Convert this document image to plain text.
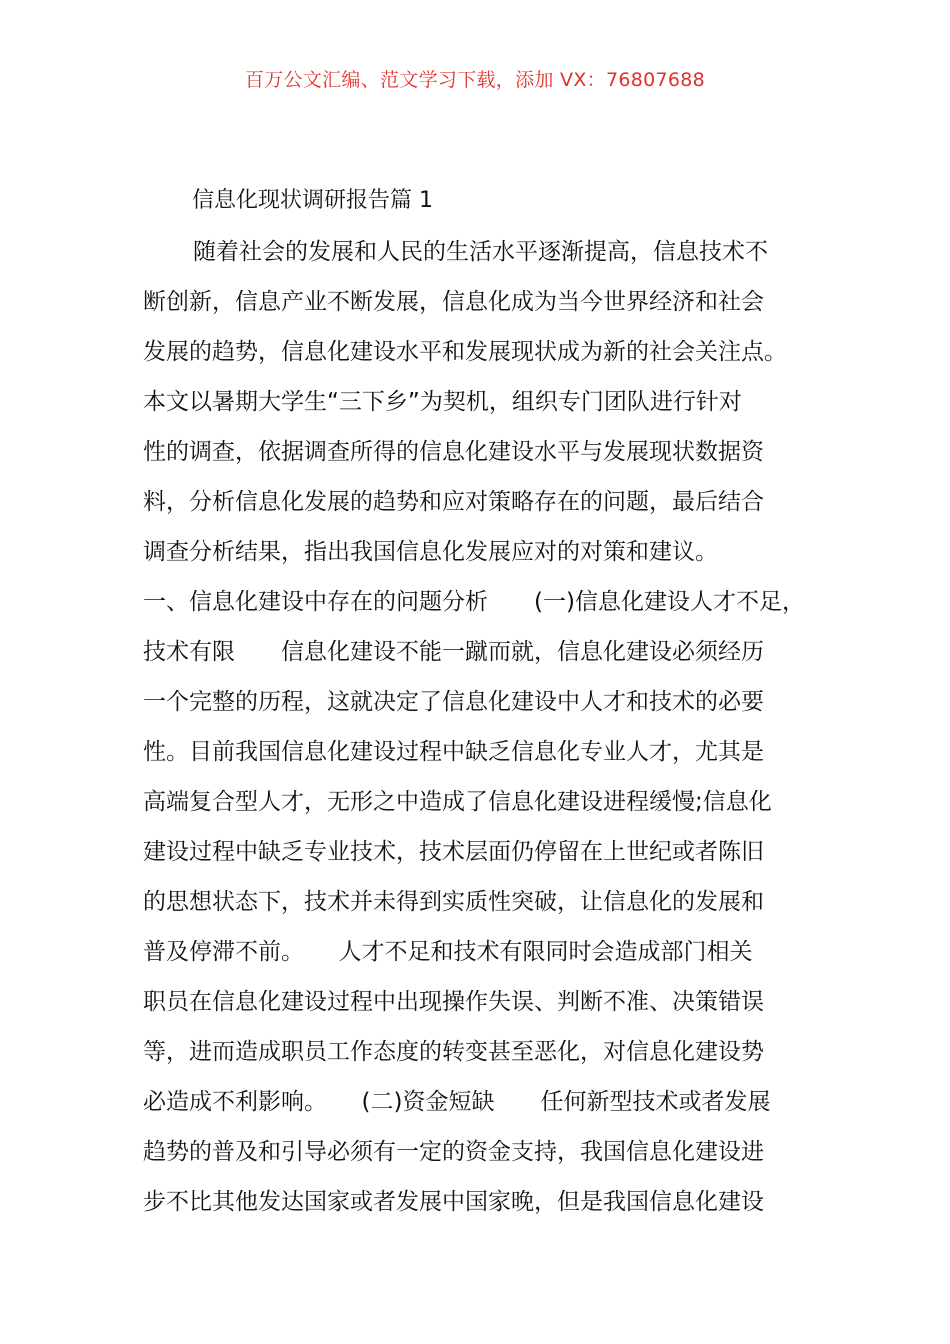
百万公文汇编、范文学习下载，添加 VX：76807688
信息化现状调研报告篇 1
随着社会的发展和人民的生活水平逐渐提高，信息技术不
断创新，信息产业不断发展，信息化成为当今世界经济和社会
发展的趋势，信息化建设水平和发展现状成为新的社会关注点。
本文以暑期大学生“三下乡”为契机，组织专门团队进行针对
性的调查，依据调查所得的信息化建设水平与发展现状数据资
料，分析信息化发展的趋势和应对策略存在的问题，最后结合
调查分析结果，指出我国信息化发展应对的对策和建议。
一、信息化建设中存在的问题分析　　(一)信息化建设人才不足，
技术有限　　信息化建设不能一蹴而就，信息化建设必须经历
一个完整的历程，这就决定了信息化建设中人才和技术的必要
性。目前我国信息化建设过程中缺乏信息化专业人才，尤其是
高端复合型人才，无形之中造成了信息化建设进程缓慢;信息化
建设过程中缺乏专业技术，技术层面仍停留在上世纪或者陈旧
的思想状态下，技术并未得到实质性突破，让信息化的发展和
普及停滞不前。　　人才不足和技术有限同时会造成部门相关
职员在信息化建设过程中出现操作失误、判断不准、决策错误
等，进而造成职员工作态度的转变甚至恶化，对信息化建设势
必造成不利影响。　　(二)资金短缺　　任何新型技术或者发展
趋势的普及和引导必须有一定的资金支持，我国信息化建设进
步不比其他发达国家或者发展中国家晚，但是我国信息化建设
